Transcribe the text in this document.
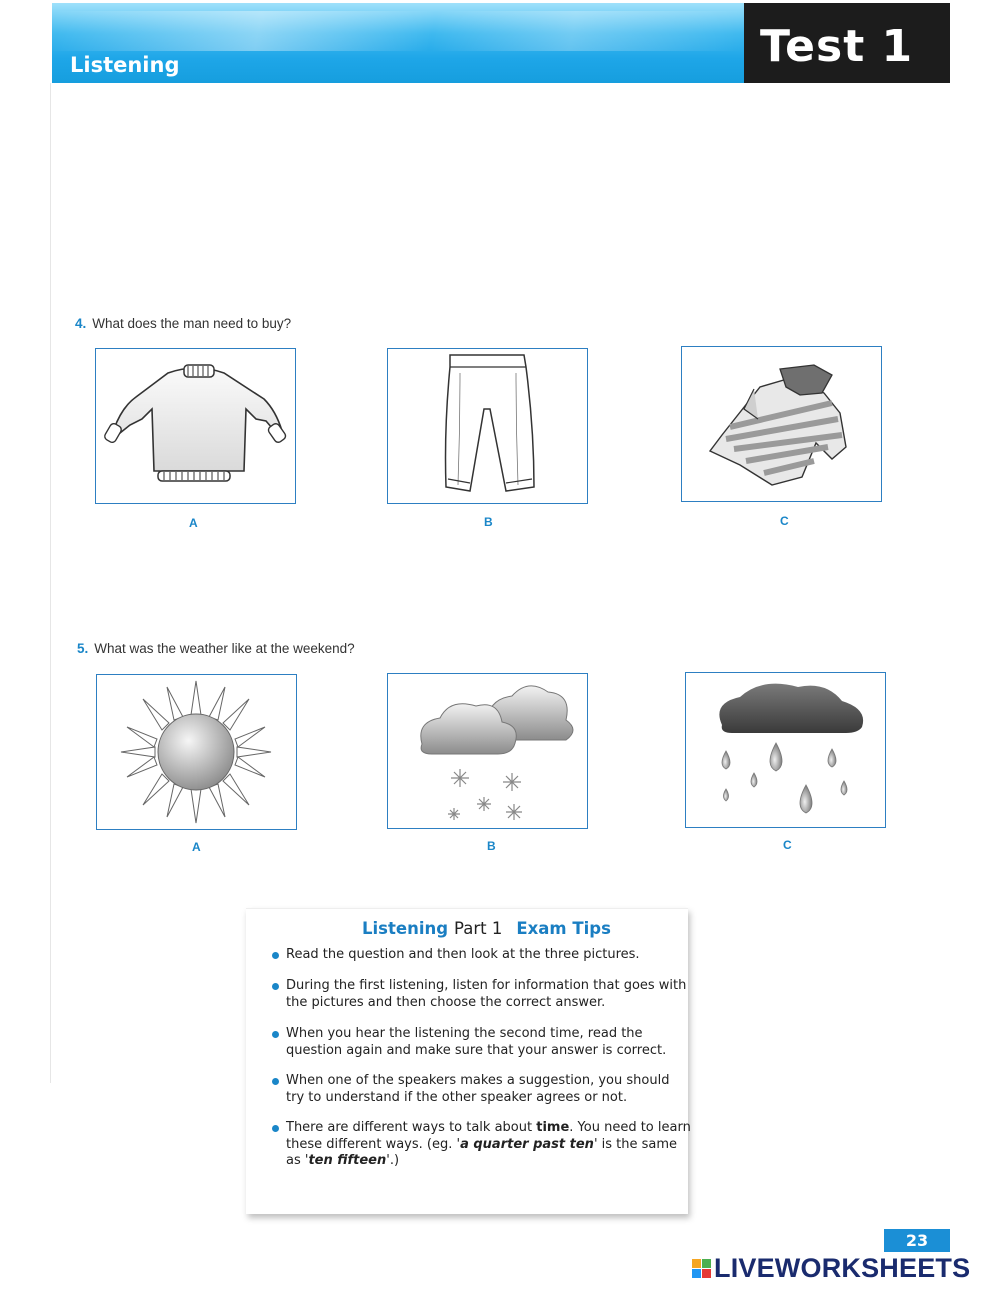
Listening	Test 1
4. What does the man need to buy?
A	B	C
5. What was the weather like at the weekend?
A	B	C
Listening Part 1 Exam Tips
Read the question and then look at the three pictures.
During the first listening, listen for information that goes with the pictures and then choose the correct answer.
When you hear the listening the second time, read the question again and make sure that your answer is correct.
When one of the speakers makes a suggestion, you should try to understand if the other speaker agrees or not.
There are different ways to talk about time. You need to learn these different ways. (eg. 'a quarter past ten' is the same as 'ten fifteen'.)
23
LIVEWORKSHEETS
